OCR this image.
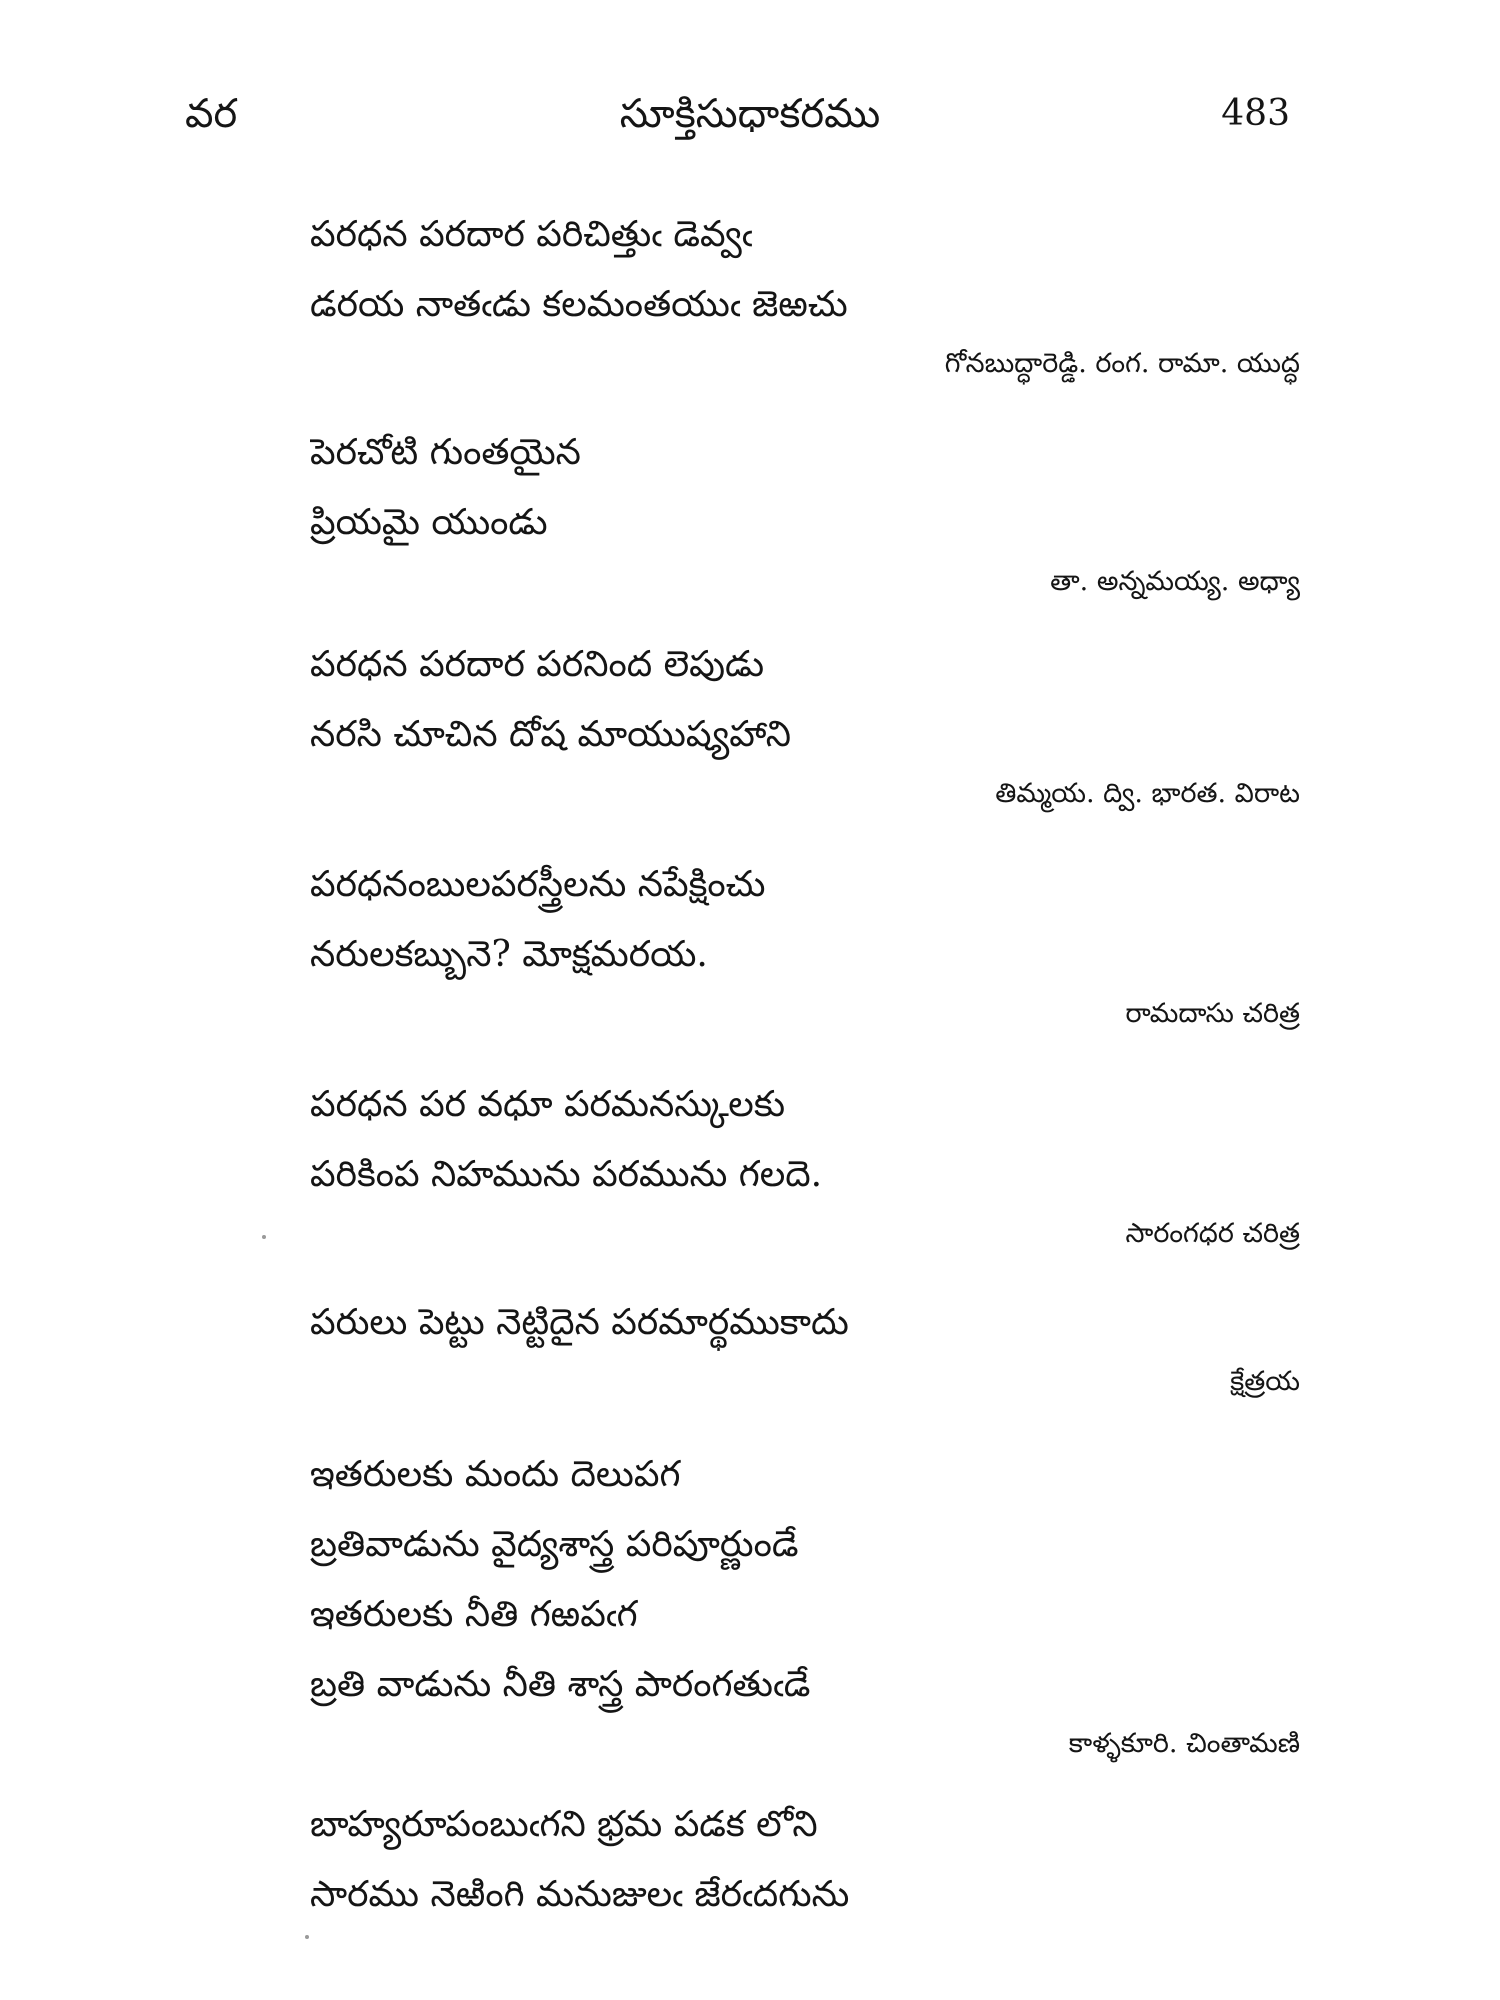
వర	సూక్తిసుధాకరము	483
పరధన పరదార పరిచిత్తుఁ డెవ్వఁ
డరయ నాతఁడు కలమంతయుఁ జెఱచు
గోనబుద్ధారెడ్డి. రంగ. రామా. యుద్ధ
పెరచోటి గుంతయైన
ప్రియమై యుండు
తా. అన్నమయ్య. అధ్యా
పరధన పరదార పరనింద లెపుడు
నరసి చూచిన దోష మాయుష్యహాని
తిమ్మయ. ద్వి. భారత. విరాట
పరధనంబులపరస్త్రీలను నపేక్షించు
నరులకబ్బునె? మోక్షమరయ.
రామదాసు చరిత్ర
పరధన పర వధూ పరమనస్కులకు
పరికింప నిహమును పరమును గలదె.
సారంగధర చరిత్ర
పరులు పెట్టు నెట్టిదైన పరమార్థముకాదు
క్షేత్రయ
ఇతరులకు మందు దెలుపగ
బ్రతివాడును వైద్యశాస్త్ర పరిపూర్ణుండే
ఇతరులకు నీతి గఱపఁగ
బ్రతి వాడును నీతి శాస్త్ర పారంగతుఁడే
కాళ్ళకూరి. చింతామణి
బాహ్యరూపంబుఁగని భ్రమ పడక లోని
సారము నెఱింగి మనుజులఁ జేరఁదగును
